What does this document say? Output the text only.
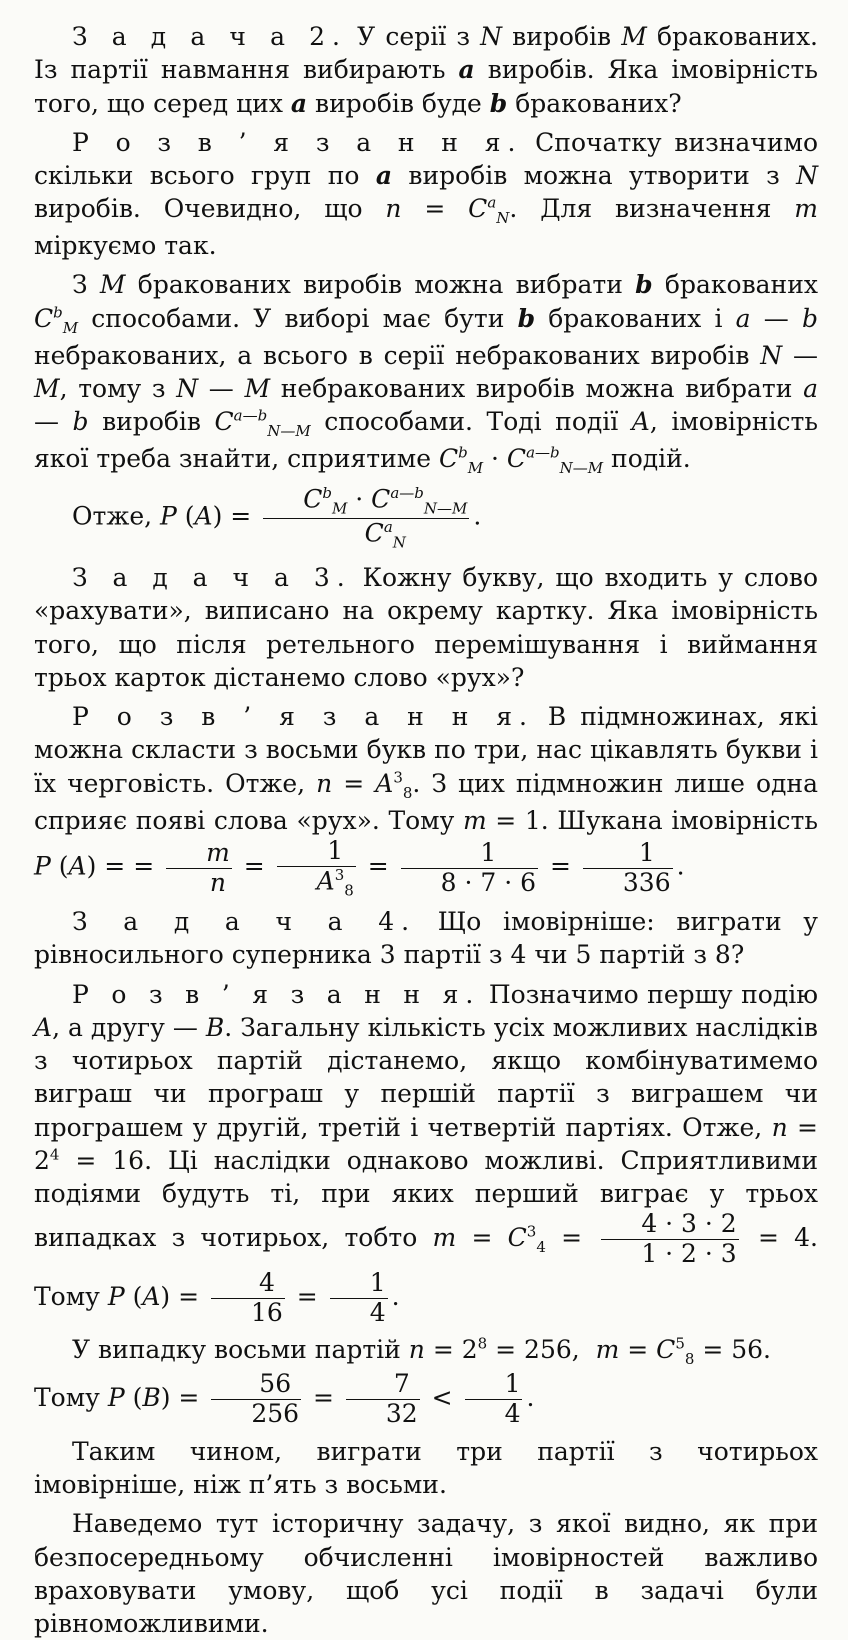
З а д а ч а 2. У серії з N виробів M бракованих. Із партії навмання вибирають a виробів. Яка імовірність того, що серед цих a виробів буде b бракованих?

Р о з в ’ я з а н н я. Спочатку визначимо скільки всього груп по a виробів можна утворити з N виробів. Очевидно, що $n = C^a_N$. Для визначення m міркуємо так.

З M бракованих виробів можна вибрати b бракованих $C^b_M$ способами. У виборі має бути b бракованих і a — b небракованих, а всього в серії небракованих виробів N — M, тому з N — M небракованих виробів можна вибрати a — b виробів $C^{a—b}_{N—M}$ способами. Тоді події A, імовірність якої треба знайти, сприятиме $C^b_M \cdot C^{a—b}_{N—M}$ подій.

Отже, P (A) =
$C^b_M \cdot C^{a—b}_{N—M}$
$C^a_N$
.

З а д а ч а 3. Кожну букву, що входить у слово «рахувати», виписано на окрему картку. Яка імовірність того, що після ретельного перемішування і виймання трьох карток дістанемо слово «рух»?

Р о з в ’ я з а н н я. В підмножинах, які можна скласти з восьми букв по три, нас цікавлять букви і їх черговість. Отже, $n = A^3_8$. З цих підмножин лише одна сприяє появі слова «рух». Тому m = 1. Шукана імовірність P (A) = = $\frac{m}{n} = \frac{1}{A^3_8} = \frac{1}{8 \cdot 7 \cdot 6} = \frac{1}{336}$ .

З а д а ч а 4. Що імовірніше: виграти у рівносильного суперника 3 партії з 4 чи 5 партій з 8?

Р о з в ’ я з а н н я. Позначимо першу подію A, а другу — B. Загальну кількість усіх можливих наслідків з чотирьох партій дістанемо, якщо комбінуватимемо виграш чи програш у першій партії з виграшем чи програшем у другій, третій і четвертій партіях. Отже, $n = 2^4 = 16$. Ці наслідки однаково можливі. Сприятливими подіями будуть ті, при яких перший виграє у трьох випадках з чотирьох, тобто $m = C^3_4 = \frac{4 \cdot 3 \cdot 2}{1 \cdot 2 \cdot 3} = 4$. Тому P $(A) = \frac{4}{16} = \frac{1}{4}$ .

У випадку восьми партій $n = 2^8 = 256$,  $m = C^5_8 = 56$.
Тому P $(B) = \frac{56}{256} = \frac{7}{32} < \frac{1}{4}$ .

Таким чином, виграти три партії з чотирьох імовірніше, ніж п’ять з восьми.

Наведемо тут історичну задачу, з якої видно, як при безпосередньому обчисленні імовірностей важливо враховувати умову, щоб усі події в задачі були рівноможливими.
